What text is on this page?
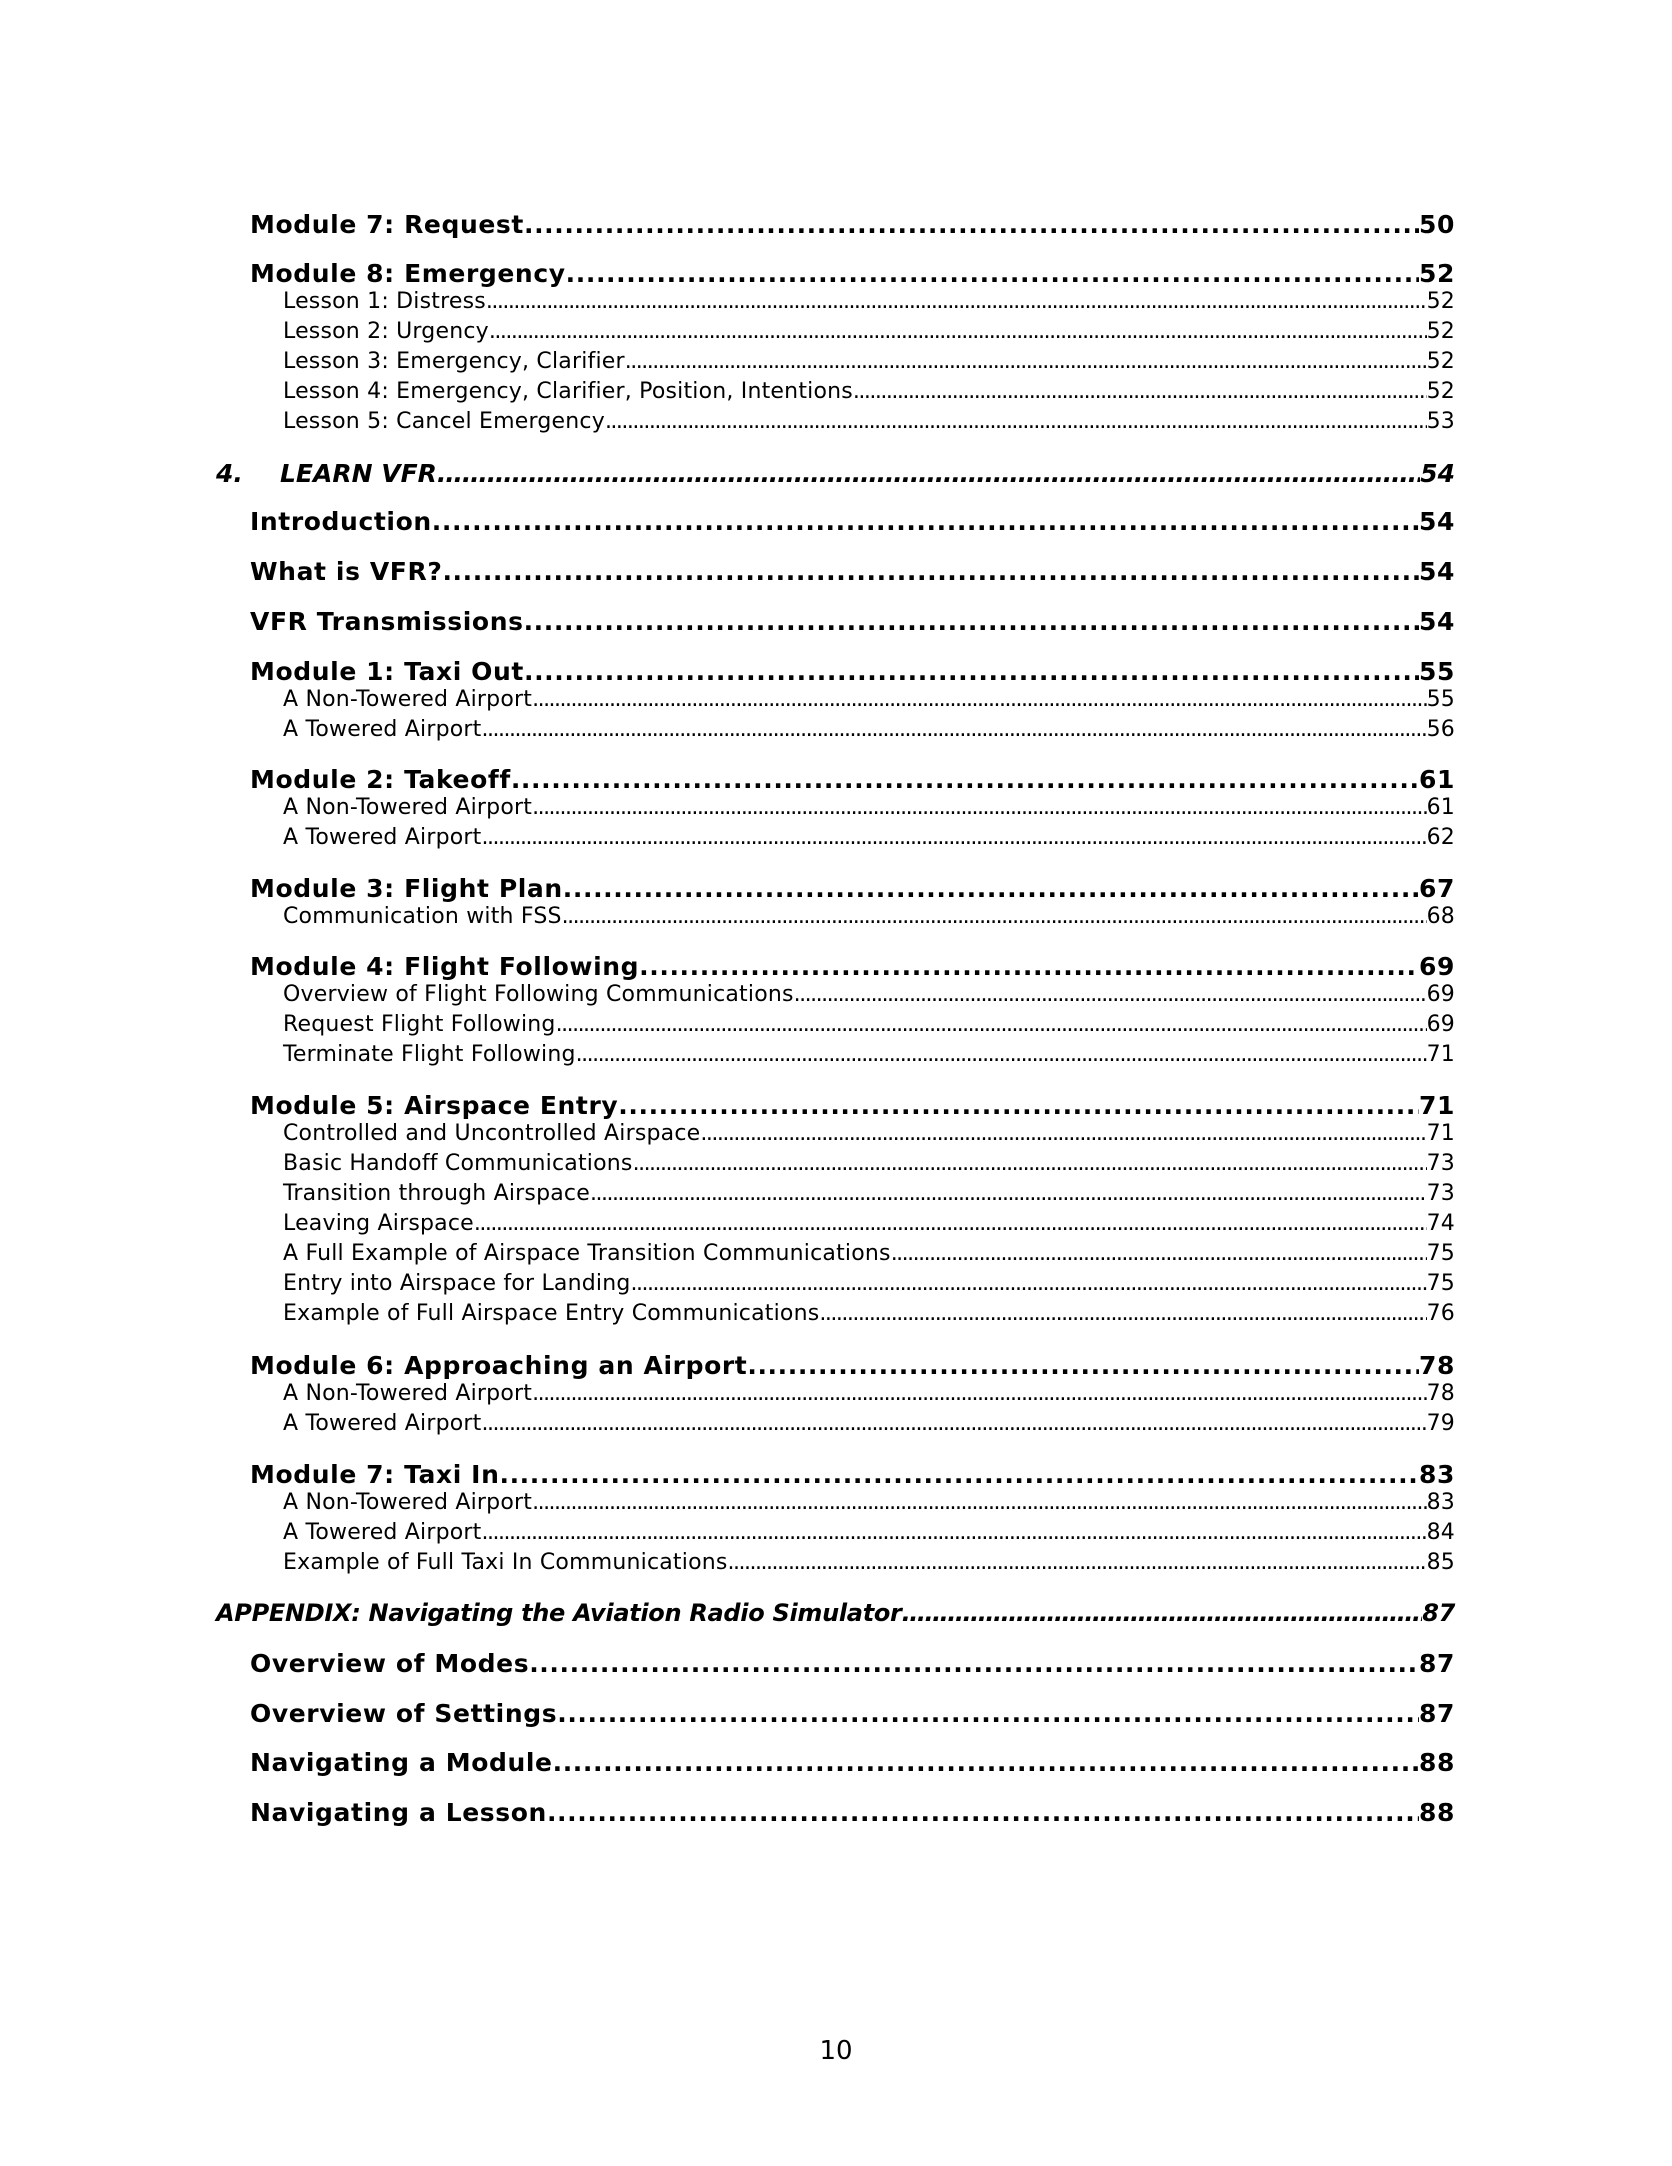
Module 7: Request .....	50
Module 8: Emergency .....	52
Lesson 1: Distress .....	52
Lesson 2: Urgency .....	52
Lesson 3: Emergency, Clarifier .....	52
Lesson 4: Emergency, Clarifier, Position, Intentions .....	52
Lesson 5: Cancel Emergency .....	53
4. LEARN VFR .....	54
Introduction .....	54
What is VFR? .....	54
VFR Transmissions .....	54
Module 1: Taxi Out .....	55
A Non-Towered Airport .....	55
A Towered Airport .....	56
Module 2: Takeoff .....	61
A Non-Towered Airport .....	61
A Towered Airport .....	62
Module 3: Flight Plan .....	67
Communication with FSS .....	68
Module 4: Flight Following .....	69
Overview of Flight Following Communications .....	69
Request Flight Following .....	69
Terminate Flight Following .....	71
Module 5: Airspace Entry .....	71
Controlled and Uncontrolled Airspace .....	71
Basic Handoff Communications .....	73
Transition through Airspace .....	73
Leaving Airspace .....	74
A Full Example of Airspace Transition Communications .....	75
Entry into Airspace for Landing .....	75
Example of Full Airspace Entry Communications .....	76
Module 6: Approaching an Airport .....	78
A Non-Towered Airport .....	78
A Towered Airport .....	79
Module 7: Taxi In .....	83
A Non-Towered Airport .....	83
A Towered Airport .....	84
Example of Full Taxi In Communications .....	85
APPENDIX: Navigating the Aviation Radio Simulator .....	87
Overview of Modes .....	87
Overview of Settings .....	87
Navigating a Module .....	88
Navigating a Lesson .....	88
10
